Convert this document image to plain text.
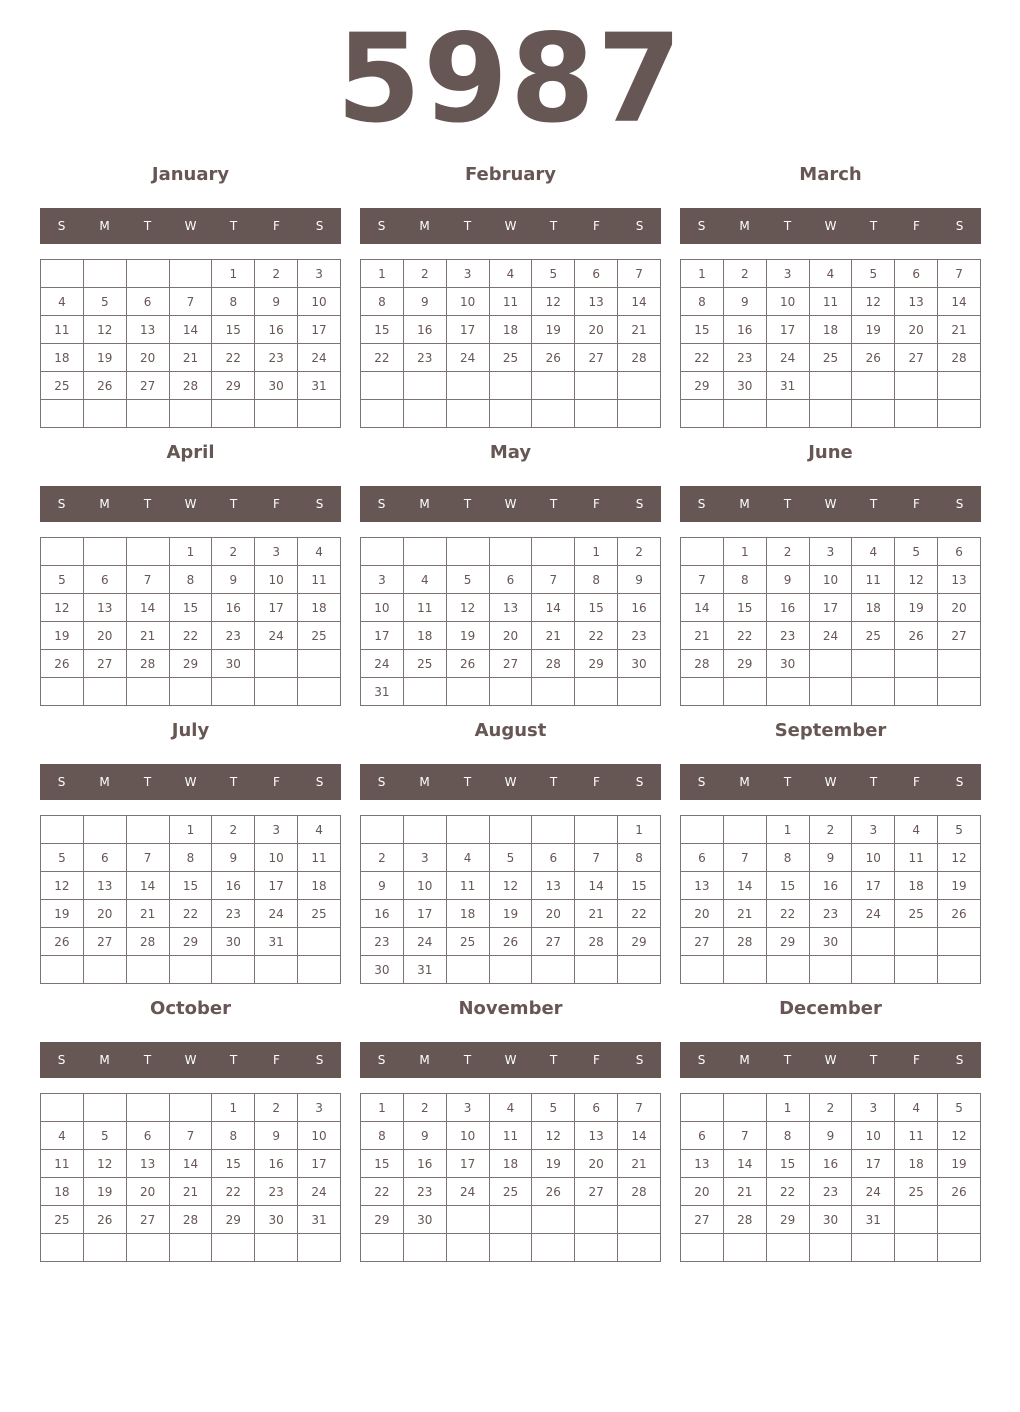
5987
January
S	M	T	W	T	F	S
				1	2	3
4	5	6	7	8	9	10
11	12	13	14	15	16	17
18	19	20	21	22	23	24
25	26	27	28	29	30	31

February
S	M	T	W	T	F	S
1	2	3	4	5	6	7
8	9	10	11	12	13	14
15	16	17	18	19	20	21
22	23	24	25	26	27	28

March
S	M	T	W	T	F	S
1	2	3	4	5	6	7
8	9	10	11	12	13	14
15	16	17	18	19	20	21
22	23	24	25	26	27	28
29	30	31				

April
S	M	T	W	T	F	S
			1	2	3	4
5	6	7	8	9	10	11
12	13	14	15	16	17	18
19	20	21	22	23	24	25
26	27	28	29	30		

May
S	M	T	W	T	F	S
					1	2
3	4	5	6	7	8	9
10	11	12	13	14	15	16
17	18	19	20	21	22	23
24	25	26	27	28	29	30
31						
June
S	M	T	W	T	F	S
	1	2	3	4	5	6
7	8	9	10	11	12	13
14	15	16	17	18	19	20
21	22	23	24	25	26	27
28	29	30				

July
S	M	T	W	T	F	S
			1	2	3	4
5	6	7	8	9	10	11
12	13	14	15	16	17	18
19	20	21	22	23	24	25
26	27	28	29	30	31	

August
S	M	T	W	T	F	S
						1
2	3	4	5	6	7	8
9	10	11	12	13	14	15
16	17	18	19	20	21	22
23	24	25	26	27	28	29
30	31					
September
S	M	T	W	T	F	S
		1	2	3	4	5
6	7	8	9	10	11	12
13	14	15	16	17	18	19
20	21	22	23	24	25	26
27	28	29	30			

October
S	M	T	W	T	F	S
				1	2	3
4	5	6	7	8	9	10
11	12	13	14	15	16	17
18	19	20	21	22	23	24
25	26	27	28	29	30	31

November
S	M	T	W	T	F	S
1	2	3	4	5	6	7
8	9	10	11	12	13	14
15	16	17	18	19	20	21
22	23	24	25	26	27	28
29	30					

December
S	M	T	W	T	F	S
		1	2	3	4	5
6	7	8	9	10	11	12
13	14	15	16	17	18	19
20	21	22	23	24	25	26
27	28	29	30	31		
